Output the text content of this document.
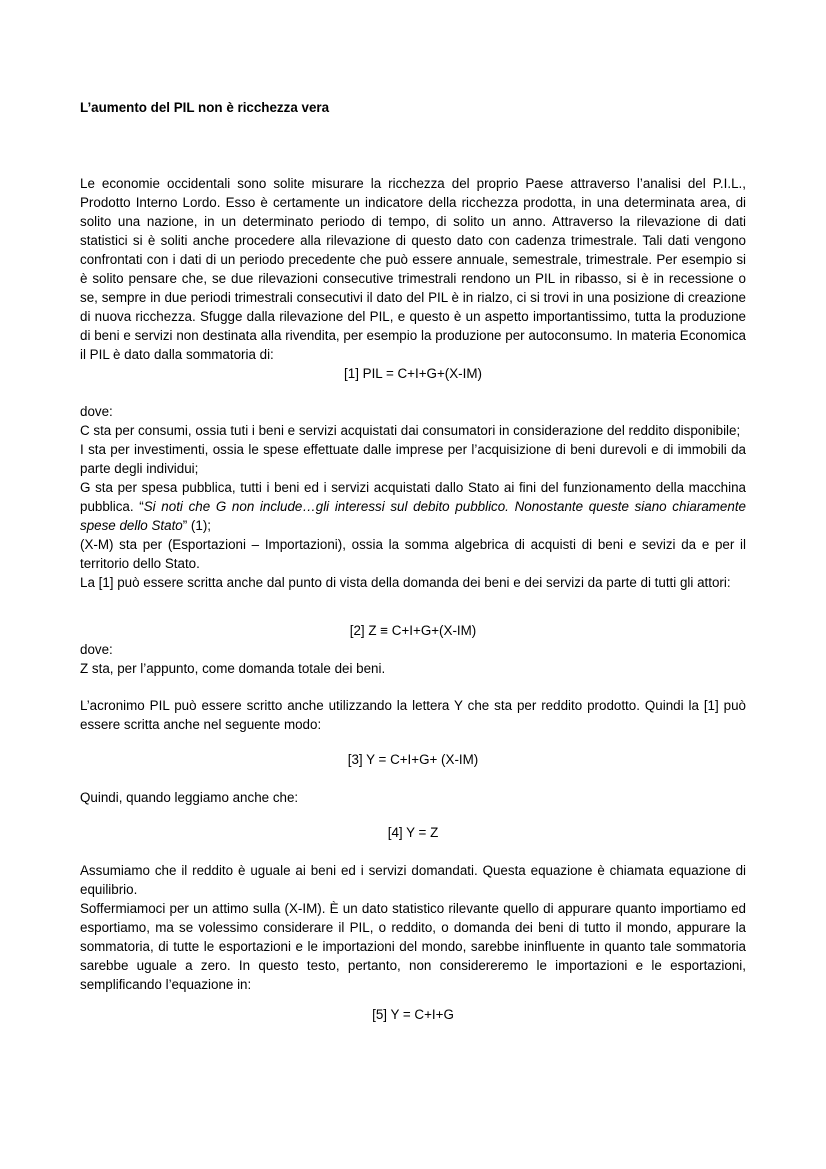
L’aumento del PIL non è ricchezza vera

Le economie occidentali sono solite misurare la ricchezza del proprio Paese attraverso l’analisi del P.I.L., Prodotto Interno Lordo. Esso è certamente un indicatore della ricchezza prodotta, in una determinata area, di solito una nazione, in un determinato periodo di tempo, di solito un anno. Attraverso la rilevazione di dati statistici si è soliti anche procedere alla rilevazione di questo dato con cadenza trimestrale. Tali dati vengono confrontati con i dati di un periodo precedente che può essere annuale, semestrale, trimestrale. Per esempio si è solito pensare che, se due rilevazioni consecutive trimestrali rendono un PIL in ribasso, si è in recessione o se, sempre in due periodi trimestrali consecutivi il dato del PIL è in rialzo, ci si trovi in una posizione di creazione di nuova ricchezza. Sfugge dalla rilevazione del PIL, e questo è un aspetto importantissimo, tutta la produzione di beni e servizi non destinata alla rivendita, per esempio la produzione per autoconsumo. In materia Economica il PIL è dato dalla sommatoria di:

[1] PIL = C+I+G+(X-IM)

dove:
C sta per consumi, ossia tuti i beni e servizi acquistati dai consumatori in considerazione del reddito disponibile;
I sta per investimenti, ossia le spese effettuate dalle imprese per l’acquisizione di beni durevoli e di immobili da parte degli individui;
G sta per spesa pubblica, tutti i beni ed i servizi acquistati dallo Stato ai fini del funzionamento della macchina pubblica. “Si noti che G non include…gli interessi sul debito pubblico. Nonostante queste siano chiaramente spese dello Stato” (1);
(X-M) sta per (Esportazioni – Importazioni), ossia la somma algebrica di acquisti di beni e sevizi da e per il territorio dello Stato.
La [1] può essere scritta anche dal punto di vista della domanda dei beni e dei servizi da parte di tutti gli attori:

[2] Z ≡ C+I+G+(X-IM)

dove:
Z sta, per l’appunto, come domanda totale dei beni.

L’acronimo PIL può essere scritto anche utilizzando la lettera Y che sta per reddito prodotto. Quindi la [1] può essere scritta anche nel seguente modo:

[3] Y = C+I+G+ (X-IM)

Quindi, quando leggiamo anche che:

[4] Y = Z

Assumiamo che il reddito è uguale ai beni ed i servizi domandati. Questa equazione è chiamata equazione di equilibrio.
Soffermiamoci per un attimo sulla (X-IM). È un dato statistico rilevante quello di appurare quanto importiamo ed esportiamo, ma se volessimo considerare il PIL, o reddito, o domanda dei beni di tutto il mondo, appurare la sommatoria, di tutte le esportazioni e le importazioni del mondo, sarebbe ininfluente in quanto tale sommatoria sarebbe uguale a zero. In questo testo, pertanto, non considereremo le importazioni e le esportazioni, semplificando l’equazione in:

[5] Y = C+I+G
